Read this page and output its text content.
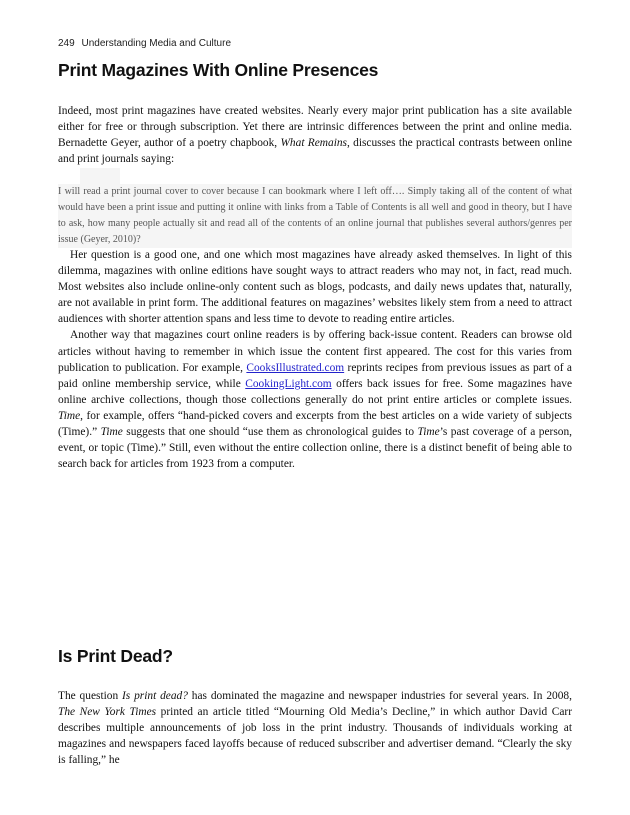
249 Understanding Media and Culture
Print Magazines With Online Presences

Indeed, most print magazines have created websites. Nearly every major print publication has a site available either for free or through subscription. Yet there are intrinsic differences between the print and online media. Bernadette Geyer, author of a poetry chapbook, What Remains, discusses the practical contrasts between online and print journals saying:

I will read a print journal cover to cover because I can bookmark where I left off…. Simply taking all of the content of what would have been a print issue and putting it online with links from a Table of Contents is all well and good in theory, but I have to ask, how many people actually sit and read all of the contents of an online journal that publishes several authors/genres per issue (Geyer, 2010)?

Her question is a good one, and one which most magazines have already asked themselves. In light of this dilemma, magazines with online editions have sought ways to attract readers who may not, in fact, read much. Most websites also include online-only content such as blogs, podcasts, and daily news updates that, naturally, are not available in print form. The additional features on magazines’ websites likely stem from a need to attract audiences with shorter attention spans and less time to devote to reading entire articles.

Another way that magazines court online readers is by offering back-issue content. Readers can browse old articles without having to remember in which issue the content first appeared. The cost for this varies from publication to publication. For example, CooksIllustrated.com reprints recipes from previous issues as part of a paid online membership service, while CookingLight.com offers back issues for free. Some magazines have online archive collections, though those collections generally do not print entire articles or complete issues. Time, for example, offers “hand-picked covers and excerpts from the best articles on a wide variety of subjects (Time).” Time suggests that one should “use them as chronological guides to Time’s past coverage of a person, event, or topic (Time).” Still, even without the entire collection online, there is a distinct benefit of being able to search back for articles from 1923 from a computer.

Is Print Dead?

The question Is print dead? has dominated the magazine and newspaper industries for several years. In 2008, The New York Times printed an article titled “Mourning Old Media’s Decline,” in which author David Carr describes multiple announcements of job loss in the print industry. Thousands of individuals working at magazines and newspapers faced layoffs because of reduced subscriber and advertiser demand. “Clearly the sky is falling,” he
